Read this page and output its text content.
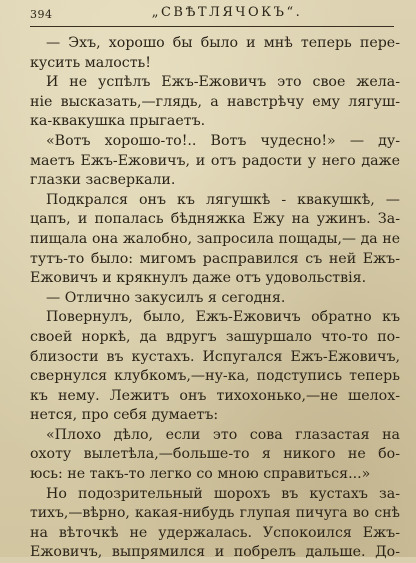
394	„СВѢТЛЯЧОКЪ“.
— Эхъ, хорошо бы было и мнѣ теперь пере-
кусить малость!
И не успѣлъ Ежъ-Ежовичъ это свое желa-
нiе высказать,—глядь, а навстрѣчу ему лягуш-
ка-квакушка прыгаетъ.
«Вотъ хорошо-то!.. Вотъ чудесно!» — ду-
маетъ Ежъ-Ежовичъ, и отъ радости у него даже
глазки засверкали.
Подкрался онъ къ лягушкѣ - квакушкѣ, —
цапъ, и попалась бѣдняжка Ежу на ужинъ. За-
пищала она жалобно, запросила пощады,— да не
тутъ-то было: мигомъ расправился съ ней Ежъ-
Ежовичъ и крякнулъ даже отъ удовольствiя.
— Отлично закусилъ я сегодня.
Повернулъ, было, Ежъ-Ежовичъ обратно къ
своей норкѣ, да вдругъ зашуршало что-то по-
близости въ кустахъ. Испугался Ежъ-Ежовичъ,
свернулся клубкомъ,—ну-ка, подступись теперь
къ нему. Лежитъ онъ тихохонько,—не шелох-
нется, про себя думаетъ:
«Плохо дѣло, если это сова глазастая на
охоту вылетѣла,—больше-то я никого не бо-
юсь: не такъ-то легко со мною справиться...»
Но подозрительный шорохъ въ кустахъ за-
тихъ,—вѣрно, какая-нибудь глупая пичуга во снѣ
на вѣточкѣ не удержалась. Успокоился Ежъ-
Ежовичъ, выпрямился и побрелъ дальше. До-
